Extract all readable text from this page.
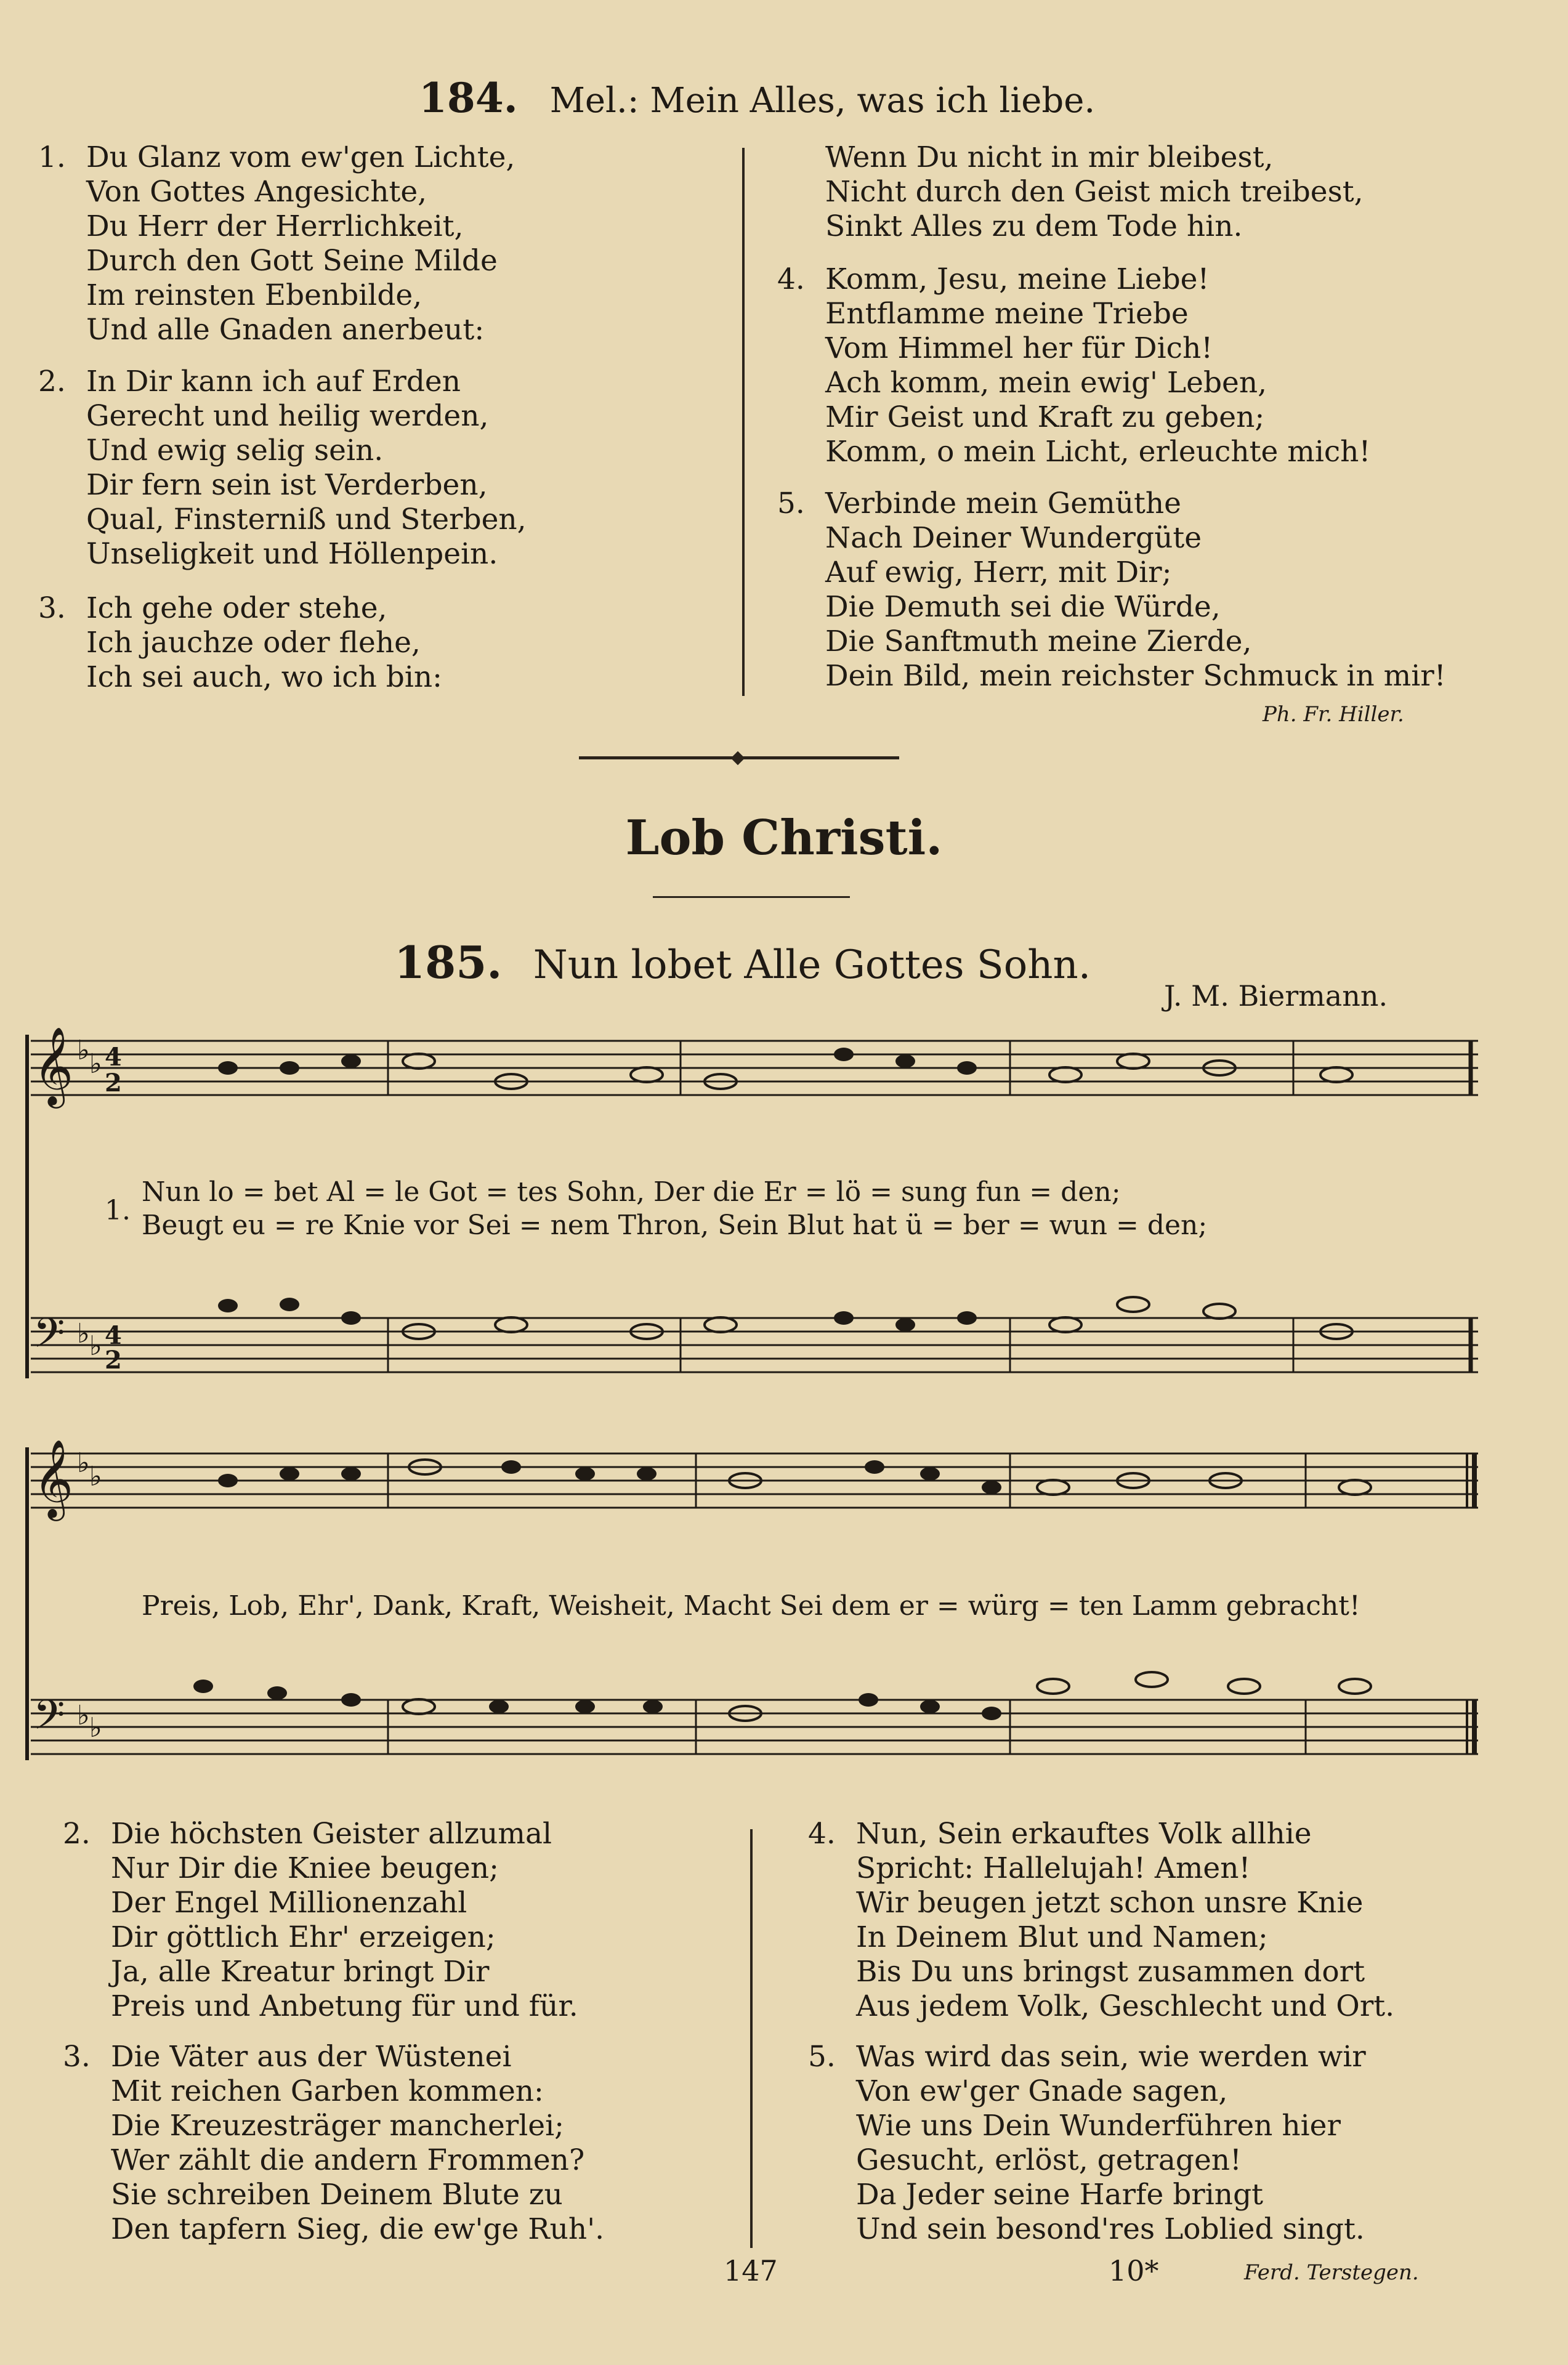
184. Mel.: Mein Alles, was ich liebe.
1. Du Glanz vom ew'gen Lichte,
Von Gottes Angesichte,
Du Herr der Herrlichkeit,
Durch den Gott Seine Milde
Im reinsten Ebenbilde,
Und alle Gnaden anerbeut:
2. In Dir kann ich auf Erden
Gerecht und heilig werden,
Und ewig selig sein.
Dir fern sein ist Verderben,
Qual, Finsterniß und Sterben,
Unseligkeit und Höllenpein.
3. Ich gehe oder stehe,
Ich jauchze oder flehe,
Ich sei auch, wo ich bin:
Wenn Du nicht in mir bleibest,
Nicht durch den Geist mich treibest,
Sinkt Alles zu dem Tode hin.
4. Komm, Jesu, meine Liebe!
Entflamme meine Triebe
Vom Himmel her für Dich!
Ach komm, mein ewig' Leben,
Mir Geist und Kraft zu geben;
Komm, o mein Licht, erleuchte mich!
5. Verbinde mein Gemüthe
Nach Deiner Wundergüte
Auf ewig, Herr, mit Dir;
Die Demuth sei die Würde,
Die Sanftmuth meine Zierde,
Dein Bild, mein reichster Schmuck in mir!
Ph. Fr. Hiller.
Lob Christi.
185. Nun lobet Alle Gottes Sohn.
J. M. Biermann.
𝄞
𝄢
4
2
4
2
♭ ♭
♭ ♭
1.
Nun lo = bet Al = le Got = tes Sohn, Der die Er = lö = sung fun = den;
Beugt eu = re Knie vor Sei = nem Thron, Sein Blut hat ü = ber = wun = den;
𝄞
𝄢
♭ ♭
♭ ♭
Preis, Lob, Ehr', Dank, Kraft, Weisheit, Macht Sei dem er = würg = ten Lamm gebracht!
2. Die höchsten Geister allzumal
Nur Dir die Kniee beugen;
Der Engel Millionenzahl
Dir göttlich Ehr' erzeigen;
Ja, alle Kreatur bringt Dir
Preis und Anbetung für und für.
3. Die Väter aus der Wüstenei
Mit reichen Garben kommen:
Die Kreuzesträger mancherlei;
Wer zählt die andern Frommen?
Sie schreiben Deinem Blute zu
Den tapfern Sieg, die ew'ge Ruh'.
4. Nun, Sein erkauftes Volk allhie
Spricht: Hallelujah! Amen!
Wir beugen jetzt schon unsre Knie
In Deinem Blut und Namen;
Bis Du uns bringst zusammen dort
Aus jedem Volk, Geschlecht und Ort.
5. Was wird das sein, wie werden wir
Von ew'ger Gnade sagen,
Wie uns Dein Wunderführen hier
Gesucht, erlöst, getragen!
Da Jeder seine Harfe bringt
Und sein besond'res Loblied singt.
147	10*	Ferd. Terstegen.
